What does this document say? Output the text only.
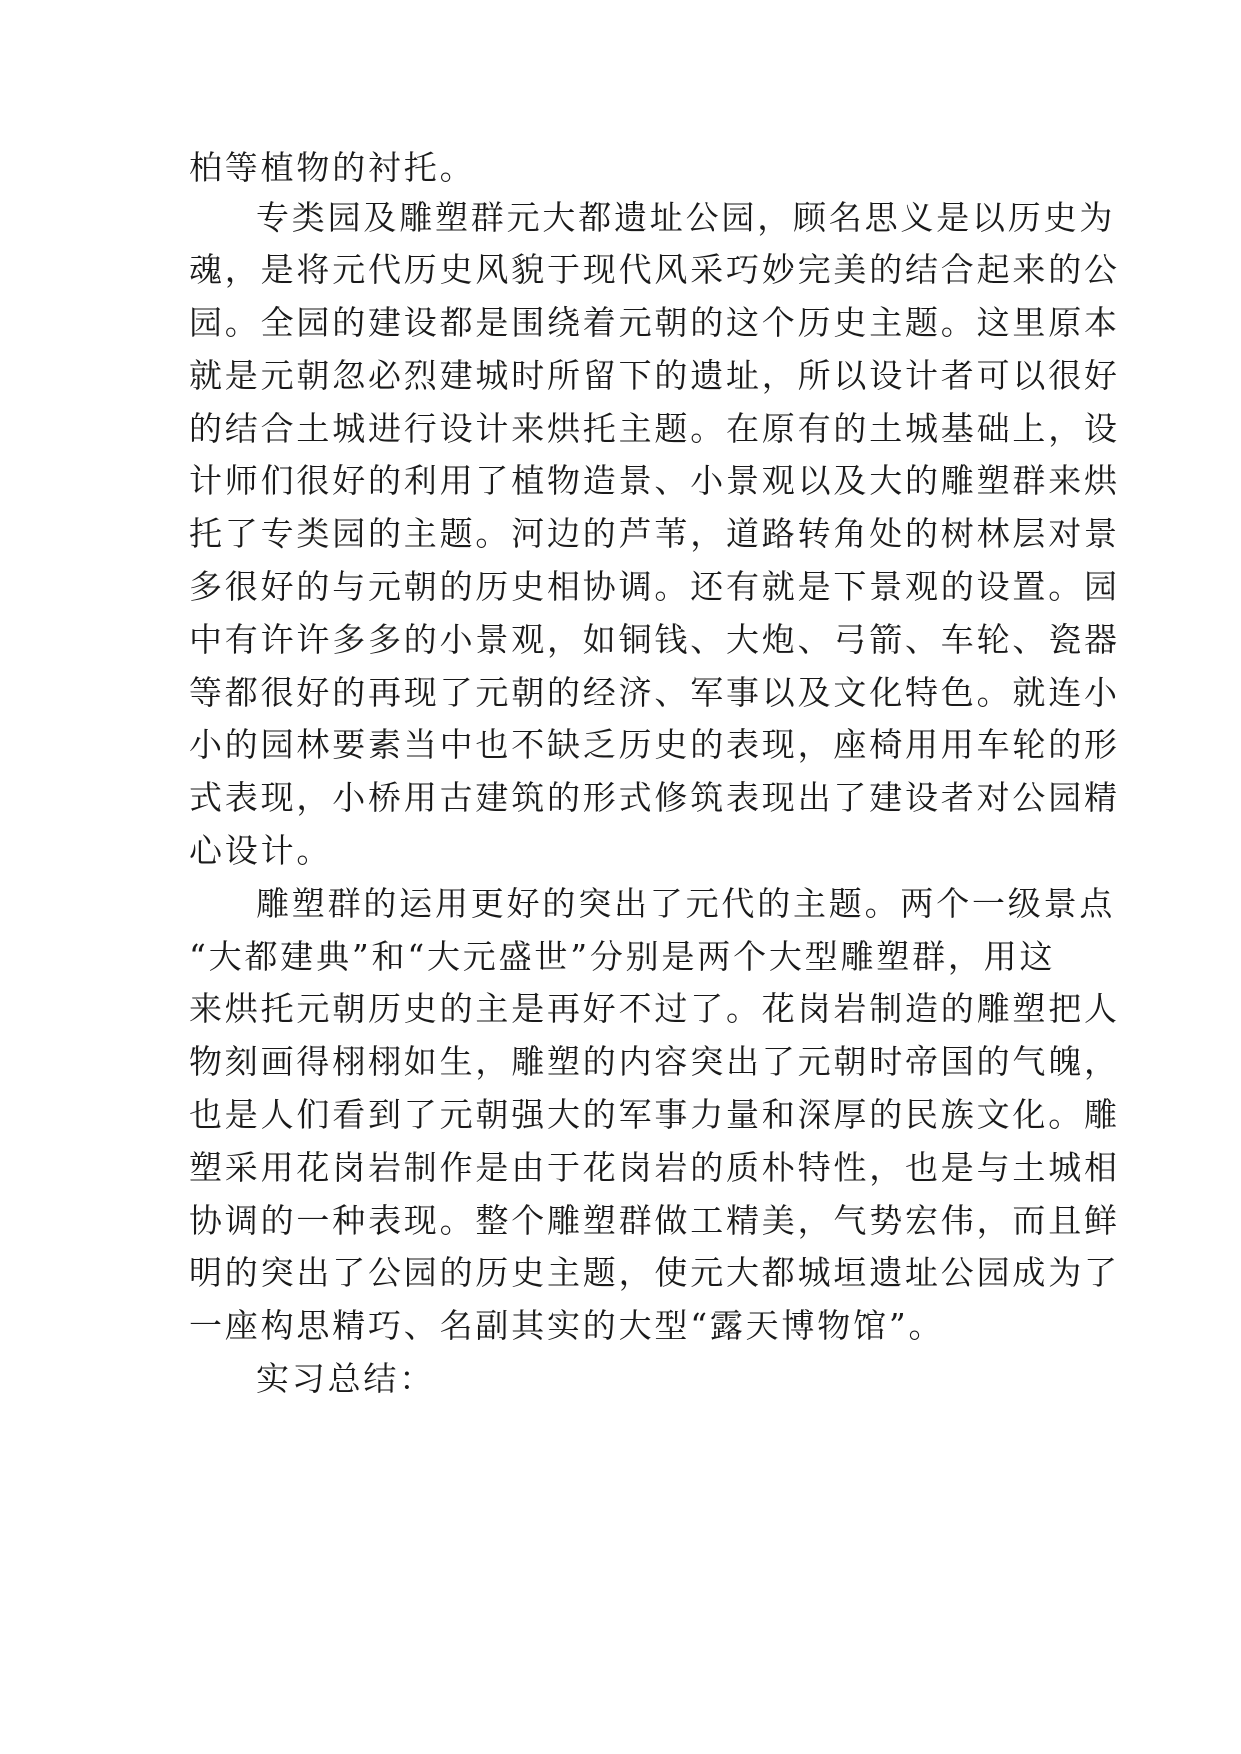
柏等植物的衬托。

专类园及雕塑群元大都遗址公园，顾名思义是以历史为

魂，是将元代历史风貌于现代风采巧妙完美的结合起来的公

园。全园的建设都是围绕着元朝的这个历史主题。这里原本

就是元朝忽必烈建城时所留下的遗址，所以设计者可以很好

的结合土城进行设计来烘托主题。在原有的土城基础上，设

计师们很好的利用了植物造景、小景观以及大的雕塑群来烘

托了专类园的主题。河边的芦苇，道路转角处的树林层对景

多很好的与元朝的历史相协调。还有就是下景观的设置。园

中有许许多多的小景观，如铜钱、大炮、弓箭、车轮、瓷器

等都很好的再现了元朝的经济、军事以及文化特色。就连小

小的园林要素当中也不缺乏历史的表现，座椅用用车轮的形

式表现，小桥用古建筑的形式修筑表现出了建设者对公园精

心设计。

雕塑群的运用更好的突出了元代的主题。两个一级景点

“大都建典”和“大元盛世”分别是两个大型雕塑群，用这

来烘托元朝历史的主是再好不过了。花岗岩制造的雕塑把人

物刻画得栩栩如生，雕塑的内容突出了元朝时帝国的气魄，

也是人们看到了元朝强大的军事力量和深厚的民族文化。雕

塑采用花岗岩制作是由于花岗岩的质朴特性，也是与土城相

协调的一种表现。整个雕塑群做工精美，气势宏伟，而且鲜

明的突出了公园的历史主题，使元大都城垣遗址公园成为了

一座构思精巧、名副其实的大型“露天博物馆”。

实习总结：
